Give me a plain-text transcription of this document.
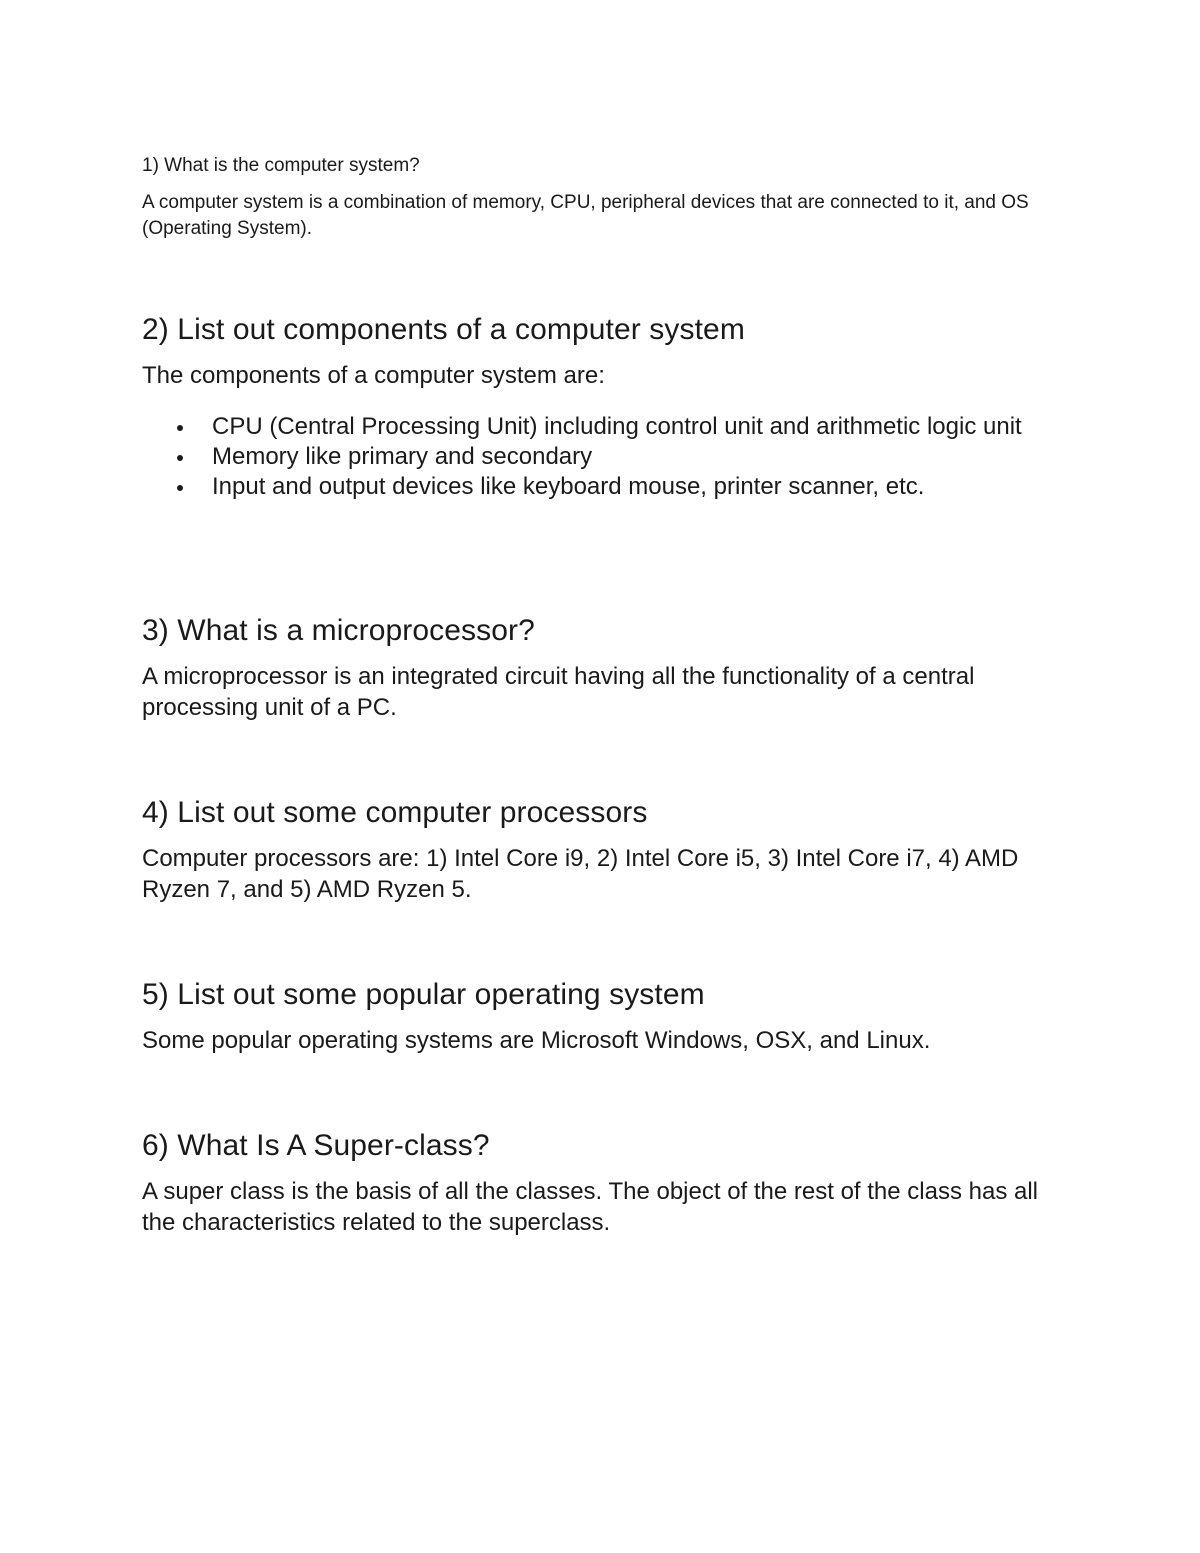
1) What is the computer system?

A computer system is a combination of memory, CPU, peripheral devices that are connected to it, and OS (Operating System).

2) List out components of a computer system

The components of a computer system are:

CPU (Central Processing Unit) including control unit and arithmetic logic unit
Memory like primary and secondary
Input and output devices like keyboard mouse, printer scanner, etc.
3) What is a microprocessor?

A microprocessor is an integrated circuit having all the functionality of a central processing unit of a PC.

4) List out some computer processors

Computer processors are: 1) Intel Core i9, 2) Intel Core i5, 3) Intel Core i7, 4) AMD Ryzen 7, and 5) AMD Ryzen 5.

5) List out some popular operating system

Some popular operating systems are Microsoft Windows, OSX, and Linux.

6) What Is A Super-class?

A super class is the basis of all the classes. The object of the rest of the class has all the characteristics related to the superclass.
